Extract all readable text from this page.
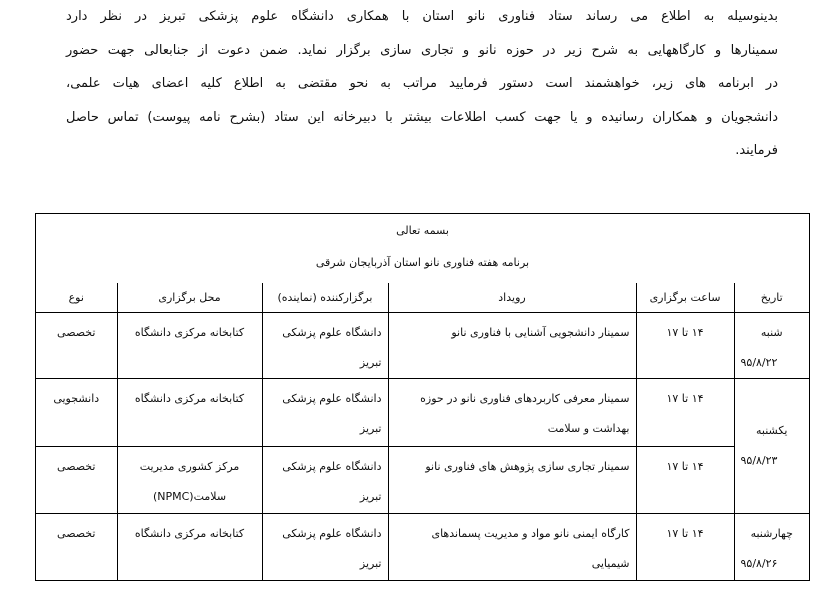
بدینوسیله به اطلاع می رساند ستاد فناوری نانو استان با همکاری دانشگاه علوم پزشکی تبریز در نظر دارد
سمینارها و کارگاههایی به شرح زیر در حوزه نانو و تجاری سازی برگزار نماید. ضمن دعوت از جنابعالی جهت حضور
در ابرنامه های زیر، خواهشمند است دستور فرمایید مراتب به نحو مقتضی به اطلاع کلیه اعضای هیات علمی،
دانشجویان و همکاران رسانیده و یا جهت کسب اطلاعات بیشتر با دبیرخانه این ستاد (بشرح نامه پیوست) تماس حاصل
فرمایند.
بسمه تعالی
برنامه هفته فناوری نانو استان آذربایجان شرقی
تاریخ	ساعت برگزاری	رویداد	برگزارکننده (نماینده)	محل برگزاری	نوع

شنبه
۹۵/۸/۲۲	۱۴ تا ۱۷	سمینار دانشجویی آشنایی با فناوری نانو	دانشگاه علوم پزشکی تبریز	کتابخانه مرکزی دانشگاه	تخصصی

یکشنبه
۹۵/۸/۲۳	۱۴ تا ۱۷	سمینار معرفی کاربردهای فناوری نانو در حوزه بهداشت و سلامت	دانشگاه علوم پزشکی تبریز	کتابخانه مرکزی دانشگاه	دانشجویی
	۱۴ تا ۱۷	سمینار تجاری سازی پژوهش های فناوری نانو	دانشگاه علوم پزشکی تبریز	مرکز کشوری مدیریت سلامت(NPMC)	تخصصی

چهارشنبه
۹۵/۸/۲۶	۱۴ تا ۱۷	کارگاه ایمنی نانو مواد و مدیریت پسماندهای شیمیایی	دانشگاه علوم پزشکی تبریز	کتابخانه مرکزی دانشگاه	تخصصی
